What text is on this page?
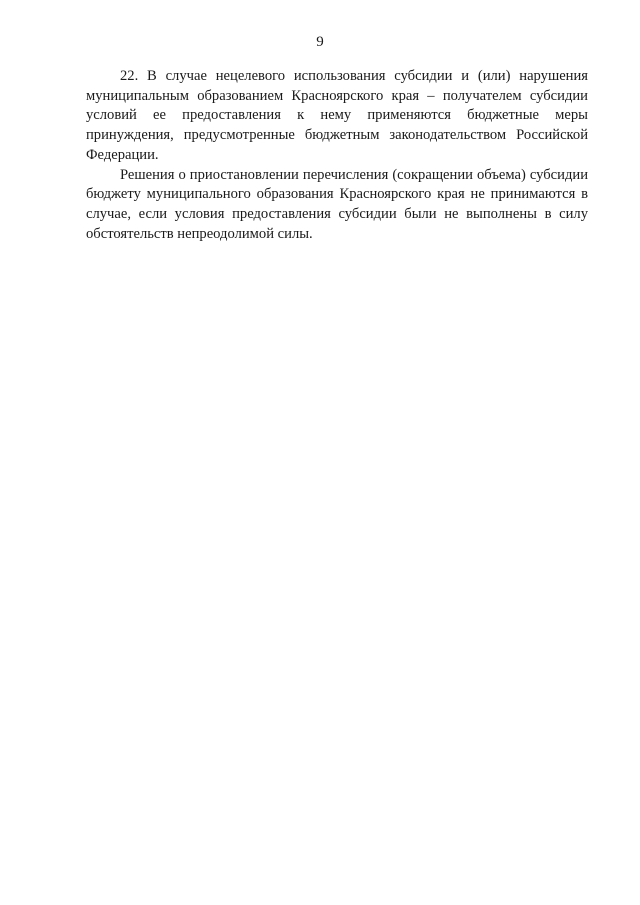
9

22. В случае нецелевого использования субсидии и (или) нарушения муниципальным образованием Красноярского края – получателем субсидии условий ее предоставления к нему применяются бюджетные меры принуждения, предусмотренные бюджетным законодательством Российской Федерации.

Решения о приостановлении перечисления (сокращении объема) субсидии бюджету муниципального образования Красноярского края не принимаются в случае, если условия предоставления субсидии были не выполнены в силу обстоятельств непреодолимой силы.
